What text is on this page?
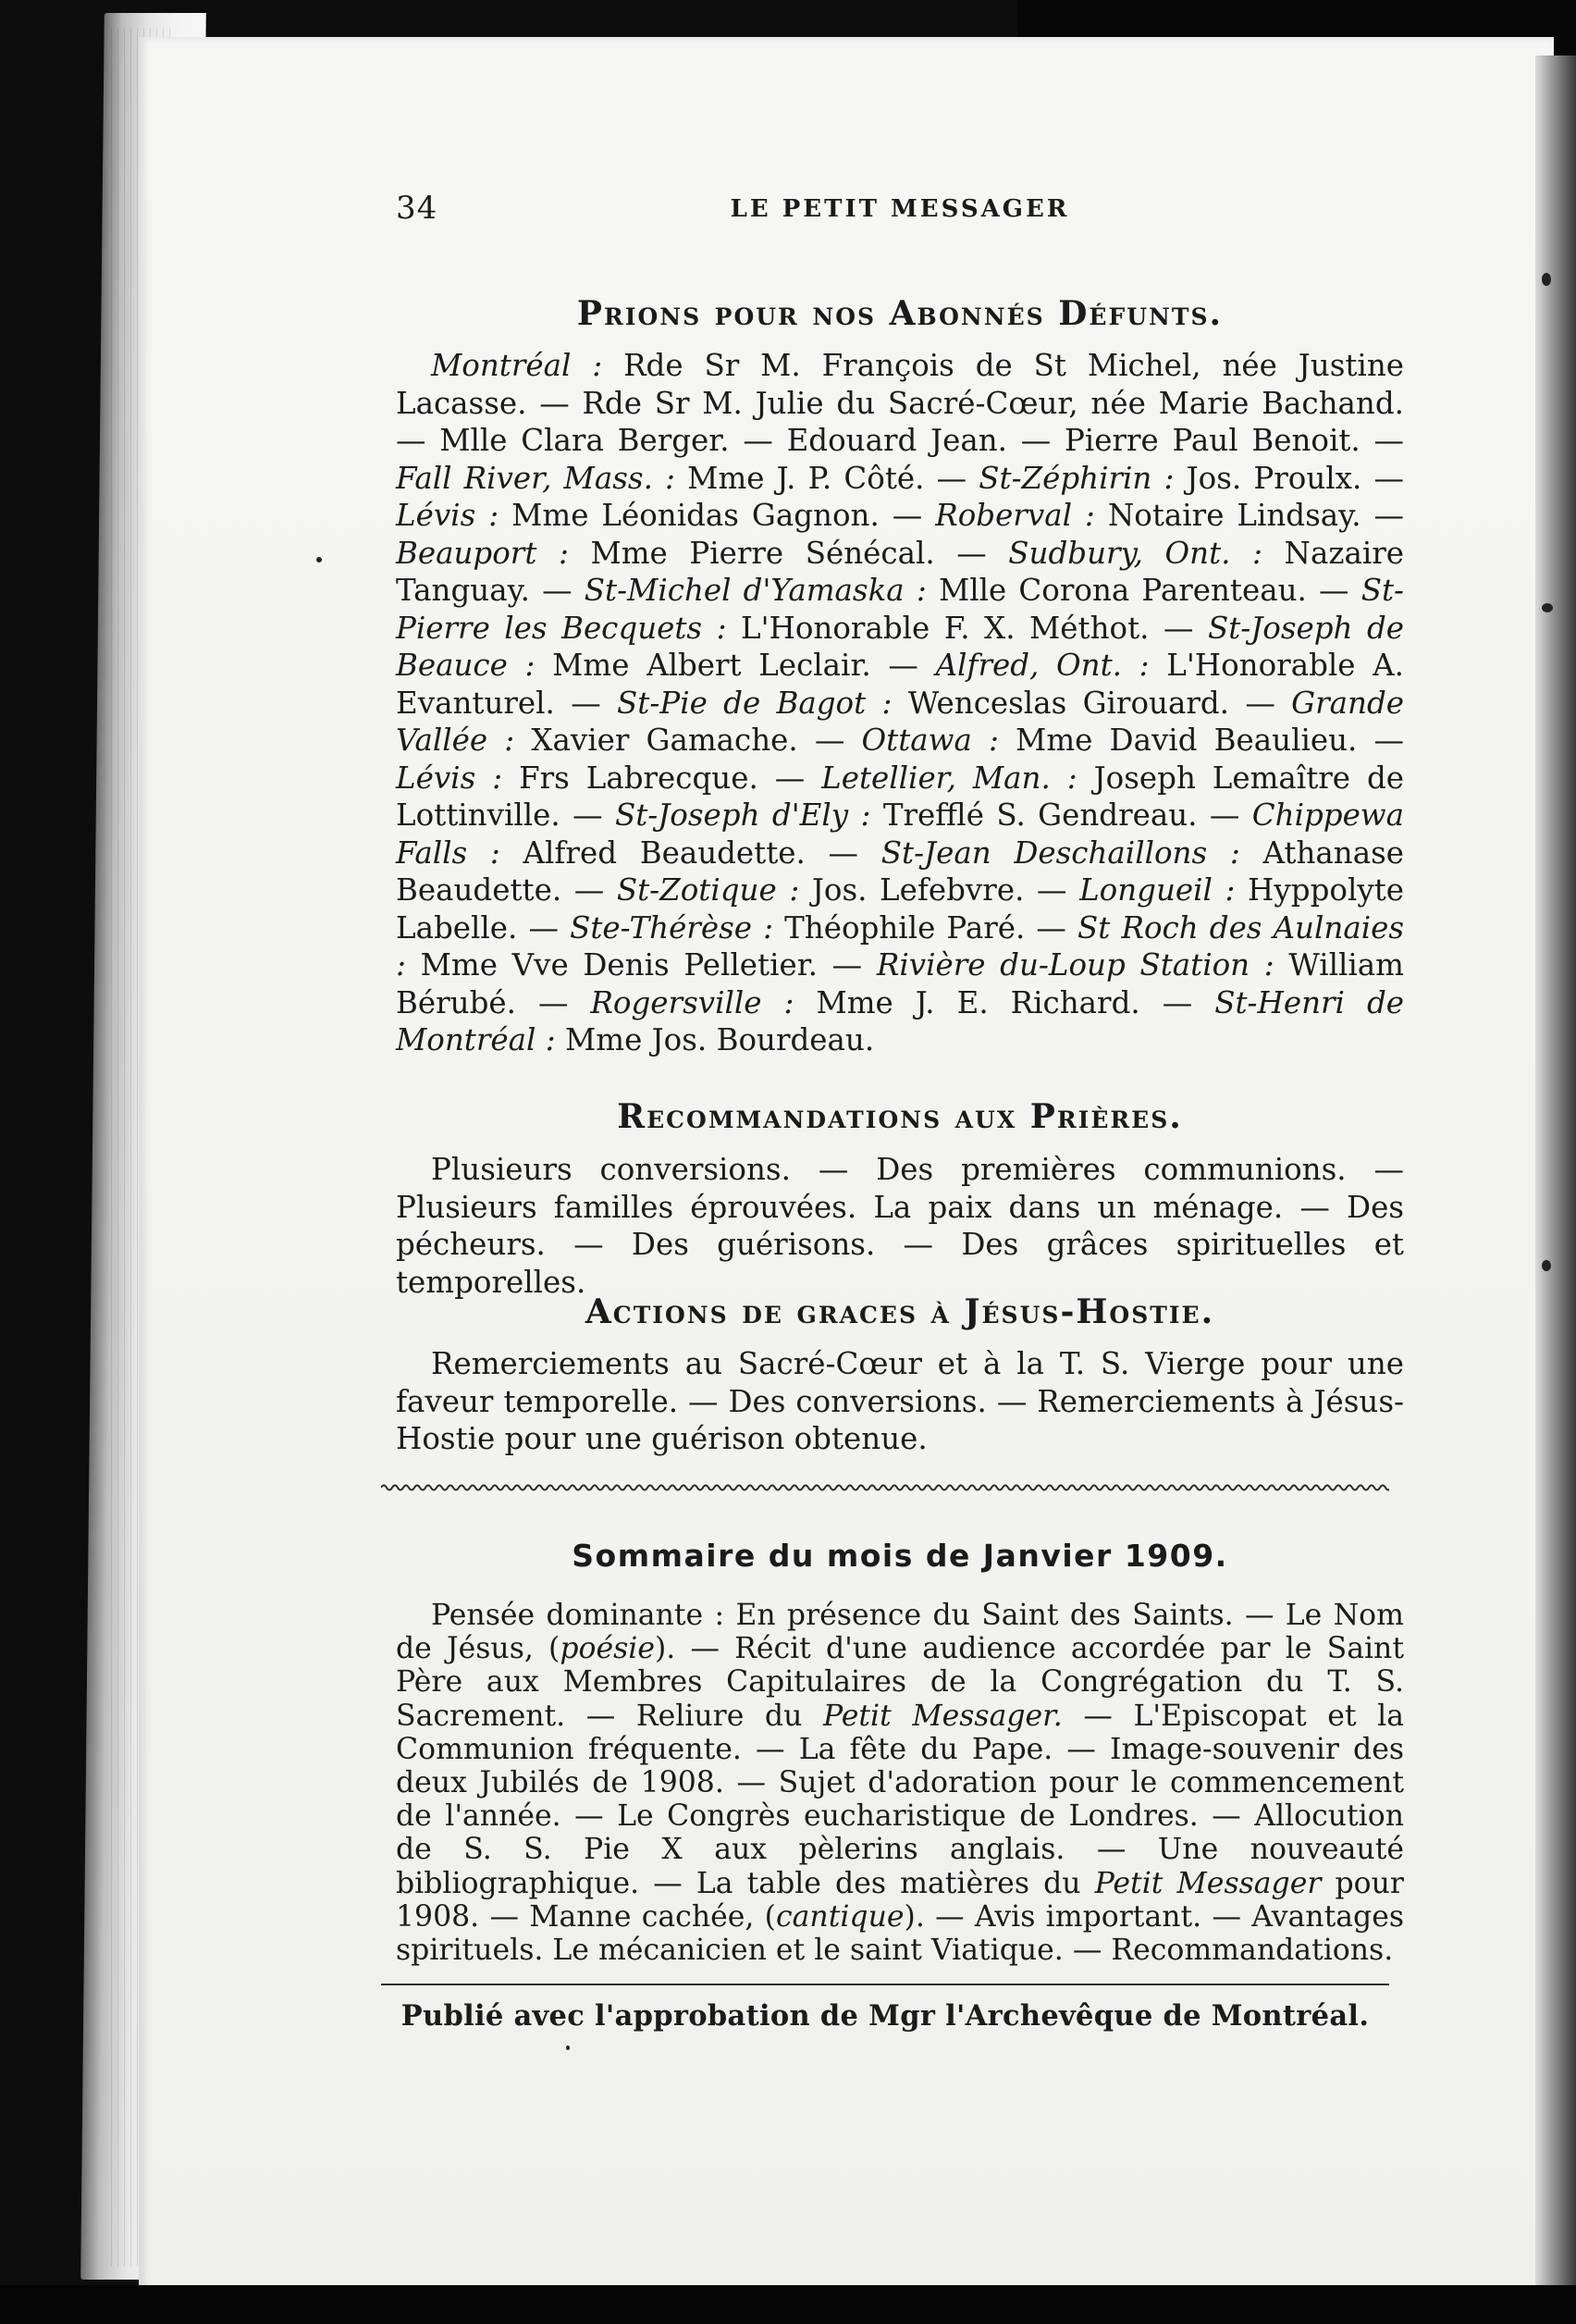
34	LE PETIT MESSAGER
Prions pour nos Abonnés Défunts.

Montréal : Rde Sr M. François de St Michel, née Justine Lacasse. — Rde Sr M. Julie du Sacré-Cœur, née Marie Bachand. — Mlle Clara Berger. — Edouard Jean. — Pierre Paul Benoit. — Fall River, Mass. : Mme J. P. Côté. — St-Zéphirin : Jos. Proulx. — Lévis : Mme Léonidas Gagnon. — Roberval : Notaire Lindsay. — Beauport : Mme Pierre Sénécal. — Sudbury, Ont. : Nazaire Tanguay. — St-Michel d'Yamaska : Mlle Corona Parenteau. — St-Pierre les Becquets : L'Honorable F. X. Méthot. — St-Joseph de Beauce : Mme Albert Leclair. — Alfred, Ont. : L'Honorable A. Evanturel. — St-Pie de Bagot : Wenceslas Girouard. — Grande Vallée : Xavier Gamache. — Ottawa : Mme David Beaulieu. — Lévis : Frs Labrecque. — Letellier, Man. : Joseph Lemaître de Lottinville. — St-Joseph d'Ely : Trefflé S. Gendreau. — Chippewa Falls : Alfred Beaudette. — St-Jean Deschaillons : Athanase Beaudette. — St-Zotique : Jos. Lefebvre. — Longueil : Hyppolyte Labelle. — Ste-Thérèse : Théophile Paré. — St Roch des Aulnaies : Mme Vve Denis Pelletier. — Rivière du-Loup Station : William Bérubé. — Rogersville : Mme J. E. Richard. — St-Henri de Montréal : Mme Jos. Bourdeau.

Recommandations aux Prières.

Plusieurs conversions. — Des premières communions. — Plusieurs familles éprouvées. La paix dans un ménage. — Des pécheurs. — Des guérisons. — Des grâces spirituelles et temporelles.

Actions de graces à Jésus-Hostie.

Remerciements au Sacré-Cœur et à la T. S. Vierge pour une faveur temporelle. — Des conversions. — Remerciements à Jésus-Hostie pour une guérison obtenue.

Sommaire du mois de Janvier 1909.

Pensée dominante : En présence du Saint des Saints. — Le Nom de Jésus, (poésie). — Récit d'une audience accordée par le Saint Père aux Membres Capitulaires de la Congrégation du T. S. Sacrement. — Reliure du Petit Messager. — L'Episcopat et la Communion fréquente. — La fête du Pape. — Image-souvenir des deux Jubilés de 1908. — Sujet d'adoration pour le commencement de l'année. — Le Congrès eucharistique de Londres. — Allocution de S. S. Pie X aux pèlerins anglais. — Une nouveauté bibliographique. — La table des matières du Petit Messager pour 1908. — Manne cachée, (cantique). — Avis important. — Avantages spirituels. Le mécanicien et le saint Viatique. — Recommandations.

Publié avec l'approbation de Mgr l'Archevêque de Montréal.
